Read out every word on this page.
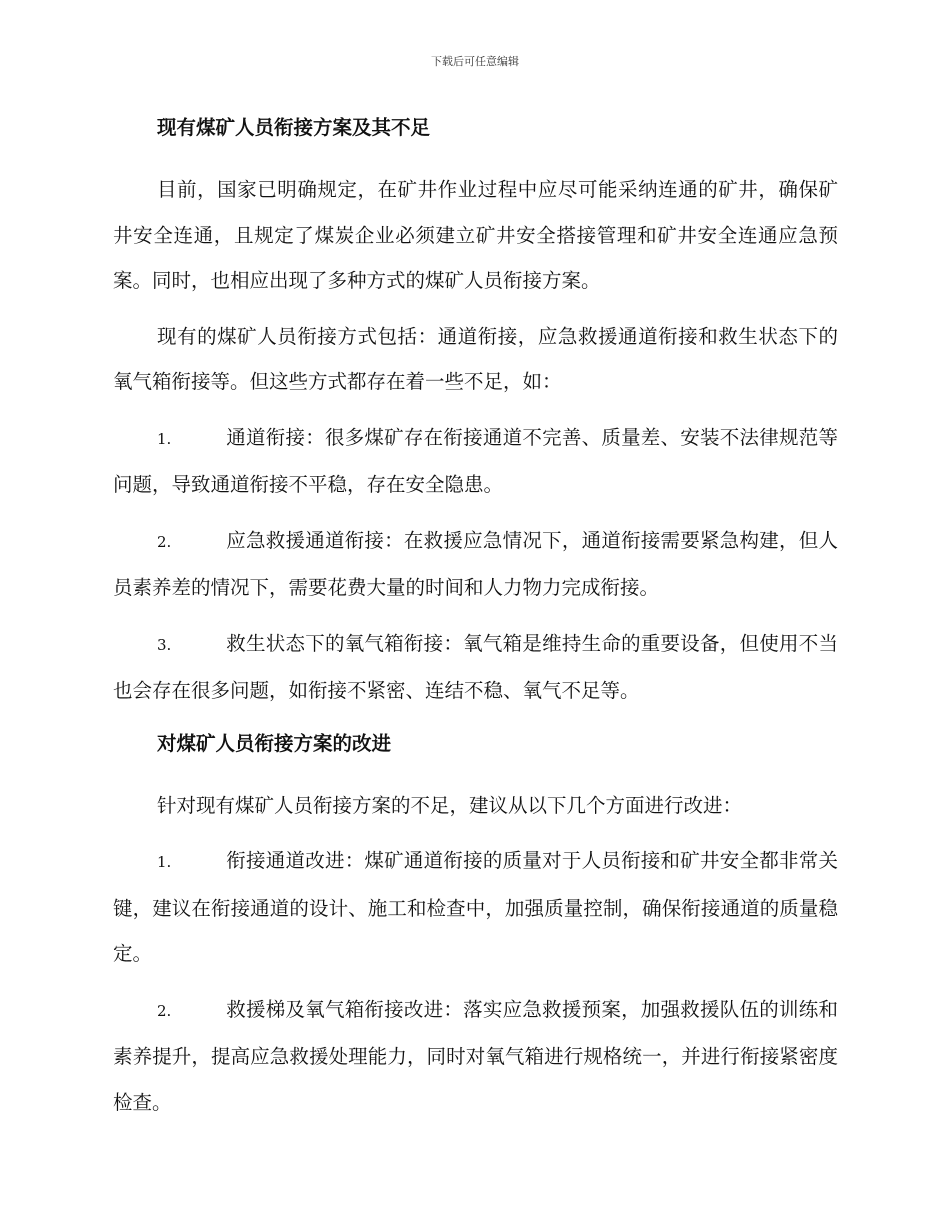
下载后可任意编辑
现有煤矿人员衔接方案及其不足

目前，国家已明确规定，在矿井作业过程中应尽可能采纳连通的矿井，确保矿井安全连通，且规定了煤炭企业必须建立矿井安全搭接管理和矿井安全连通应急预案。同时，也相应出现了多种方式的煤矿人员衔接方案。

现有的煤矿人员衔接方式包括：通道衔接，应急救援通道衔接和救生状态下的氧气箱衔接等。但这些方式都存在着一些不足，如：

1.	通道衔接：很多煤矿存在衔接通道不完善、质量差、安装不法律规范等问题，导致通道衔接不平稳，存在安全隐患。

2.	应急救援通道衔接：在救援应急情况下，通道衔接需要紧急构建，但人员素养差的情况下，需要花费大量的时间和人力物力完成衔接。

3.	救生状态下的氧气箱衔接：氧气箱是维持生命的重要设备，但使用不当也会存在很多问题，如衔接不紧密、连结不稳、氧气不足等。

对煤矿人员衔接方案的改进

针对现有煤矿人员衔接方案的不足，建议从以下几个方面进行改进：

1.	衔接通道改进：煤矿通道衔接的质量对于人员衔接和矿井安全都非常关键，建议在衔接通道的设计、施工和检查中，加强质量控制，确保衔接通道的质量稳定。

2.	救援梯及氧气箱衔接改进：落实应急救援预案，加强救援队伍的训练和素养提升，提高应急救援处理能力，同时对氧气箱进行规格统一，并进行衔接紧密度检查。
